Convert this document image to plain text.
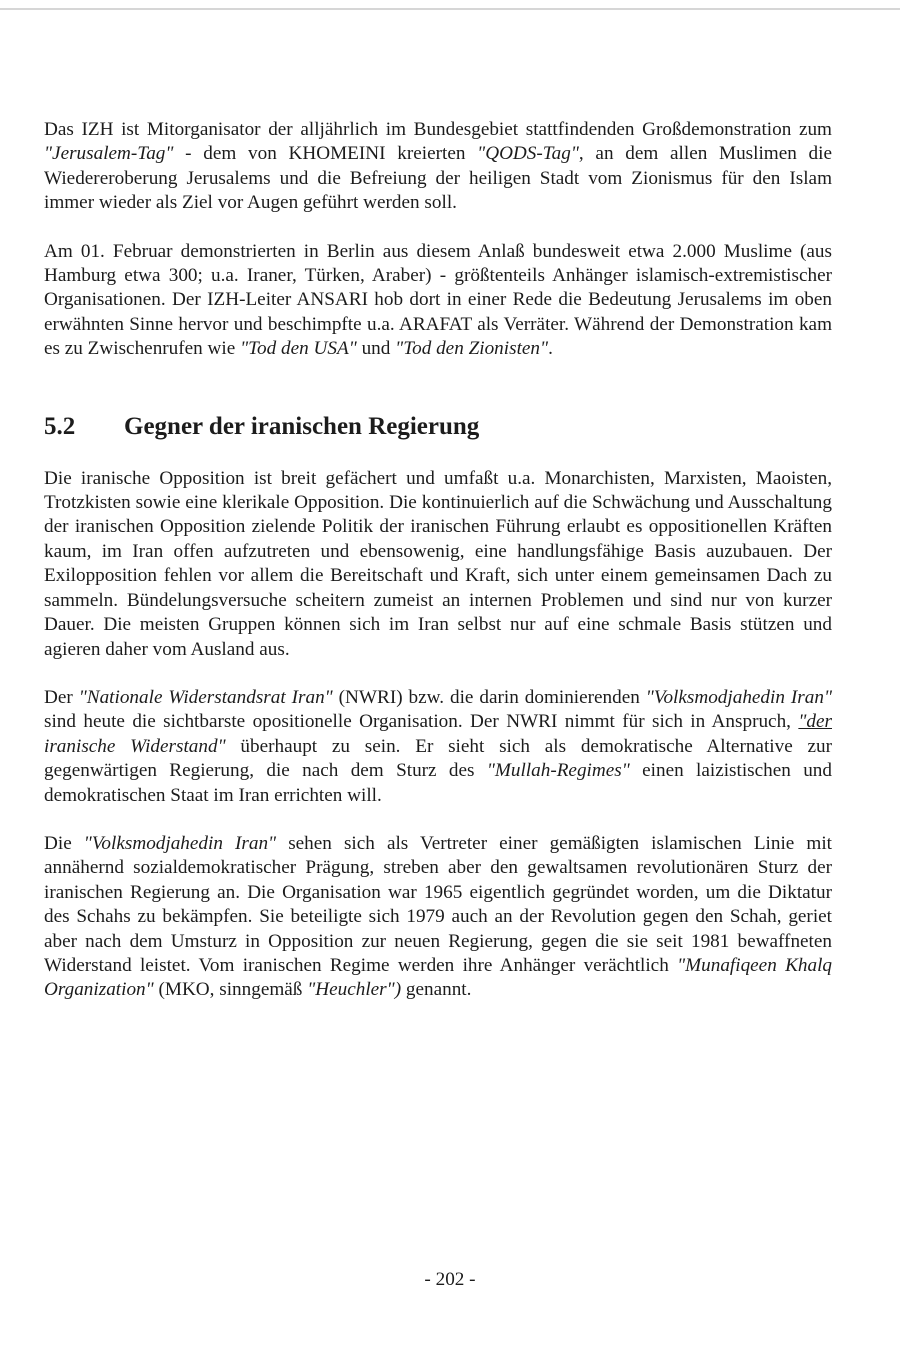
Das IZH ist Mitorganisator der alljährlich im Bundesgebiet stattfindenden Großdemonstration zum "Jerusalem-Tag" - dem von KHOMEINI kreierten "QODS-Tag", an dem allen Muslimen die Wiedereroberung Jerusalems und die Befreiung der heiligen Stadt vom Zionismus für den Islam immer wieder als Ziel vor Augen geführt werden soll.

Am 01. Februar demonstrierten in Berlin aus diesem Anlaß bundesweit etwa 2.000 Muslime (aus Hamburg etwa 300; u.a. Iraner, Türken, Araber) - größtenteils Anhänger islamisch-extremistischer Organisationen. Der IZH-Leiter ANSARI hob dort in einer Rede die Bedeutung Jerusalems im oben erwähnten Sinne hervor und beschimpfte u.a. ARAFAT als Verräter. Während der Demonstration kam es zu Zwischenrufen wie "Tod den USA" und "Tod den Zionisten".

5.2	Gegner der iranischen Regierung

Die iranische Opposition ist breit gefächert und umfaßt u.a. Monarchisten, Marxisten, Maoisten, Trotzkisten sowie eine klerikale Opposition. Die kontinuierlich auf die Schwächung und Ausschaltung der iranischen Opposition zielende Politik der iranischen Führung erlaubt es oppositionellen Kräften kaum, im Iran offen aufzutreten und ebensowenig, eine handlungsfähige Basis auzubauen. Der Exilopposition fehlen vor allem die Bereitschaft und Kraft, sich unter einem gemeinsamen Dach zu sammeln. Bündelungsversuche scheitern zumeist an internen Problemen und sind nur von kurzer Dauer. Die meisten Gruppen können sich im Iran selbst nur auf eine schmale Basis stützen und agieren daher vom Ausland aus.

Der "Nationale Widerstandsrat Iran" (NWRI) bzw. die darin dominierenden "Volksmodjahedin Iran" sind heute die sichtbarste opositionelle Organisation. Der NWRI nimmt für sich in Anspruch, "der iranische Widerstand" überhaupt zu sein. Er sieht sich als demokratische Alternative zur gegenwärtigen Regierung, die nach dem Sturz des "Mullah-Regimes" einen laizistischen und demokratischen Staat im Iran errichten will.

Die "Volksmodjahedin Iran" sehen sich als Vertreter einer gemäßigten islamischen Linie mit annähernd sozialdemokratischer Prägung, streben aber den gewaltsamen revolutionären Sturz der iranischen Regierung an. Die Organisation war 1965 eigentlich gegründet worden, um die Diktatur des Schahs zu bekämpfen. Sie beteiligte sich 1979 auch an der Revolution gegen den Schah, geriet aber nach dem Umsturz in Opposition zur neuen Regierung, gegen die sie seit 1981 bewaffneten Widerstand leistet. Vom iranischen Regime werden ihre Anhänger verächtlich "Munafiqeen Khalq Organization" (MKO, sinngemäß "Heuchler") genannt.

- 202 -
